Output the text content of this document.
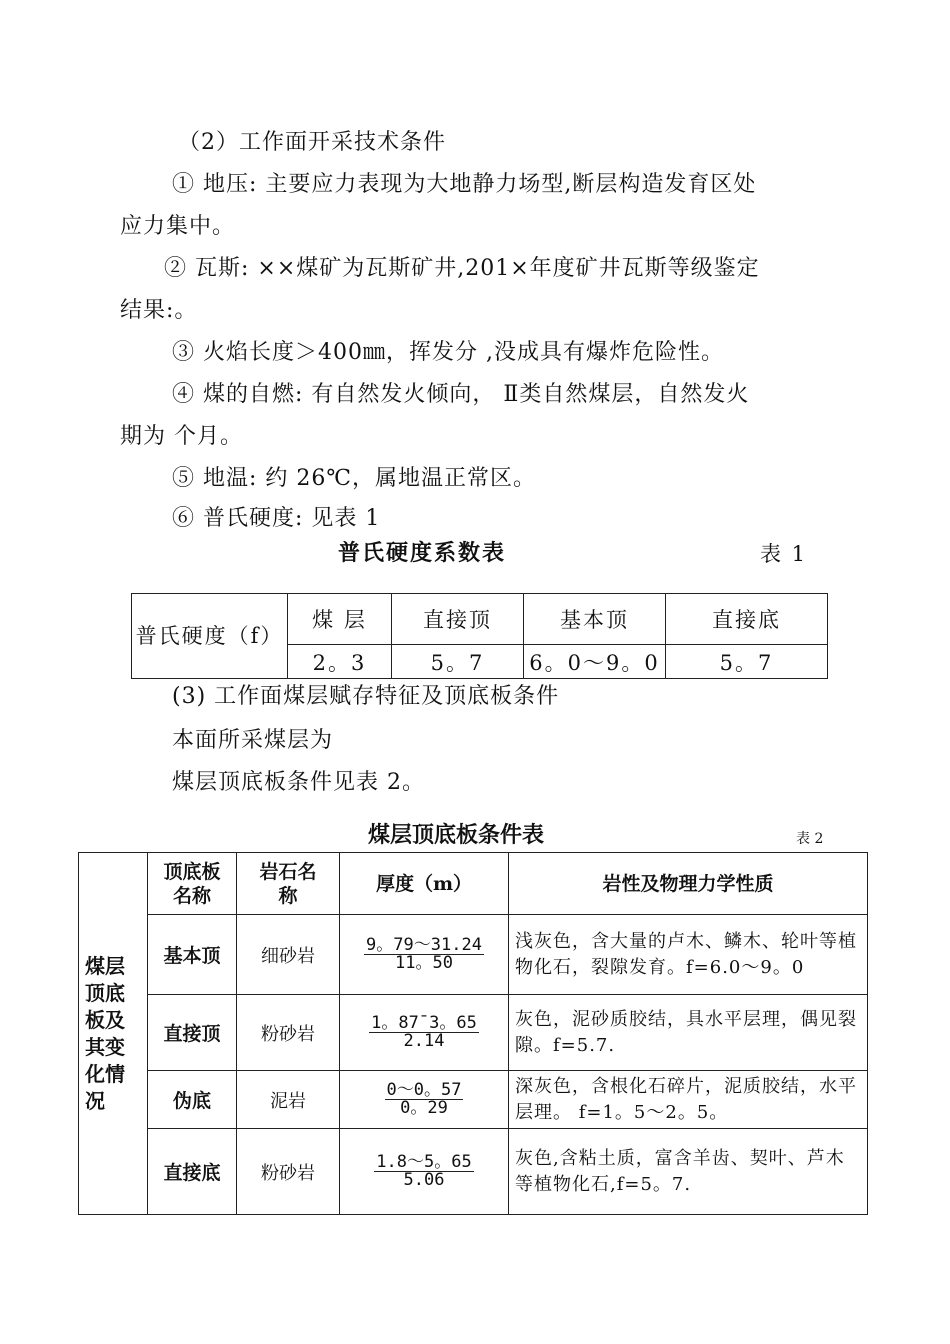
（2）工作面开采技术条件
① 地压: 主要应力表现为大地静力场型,断层构造发育区处
应力集中。
② 瓦斯: ××煤矿为瓦斯矿井,201×年度矿井瓦斯等级鉴定
结果:。
③ 火焰长度＞400㎜，挥发分 ,没成具有爆炸危险性。
④ 煤的自燃: 有自然发火倾向， Ⅱ类自然煤层，自然发火
期为 个月。
⑤ 地温: 约 26℃，属地温正常区。
⑥ 普氏硬度: 见表 1
普氏硬度系数表	表 1
普氏硬度（f）	煤 层	直接顶	基本顶	直接底
	2。3	5。7	6。0～9。0	5。7
(3) 工作面煤层赋存特征及顶底板条件
本面所采煤层为
煤层顶底板条件见表 2。
煤层顶底板条件表	表 2
煤层顶底板及其变化情况	顶底板名称	岩石名称	厚度（m）	岩性及物理力学性质
	基本顶	细砂岩	$\frac{9。79\sim 31.24}{11。50}$	浅灰色，含大量的卢木、鳞木、轮叶等植物化石，裂隙发育。f=6.0～9。0
	直接顶	粉砂岩	$\frac{\text{1。87ˉ3。65}}{2.14}$	灰色，泥砂质胶结，具水平层理，偶见裂隙。f=5.7.
	伪底	泥岩	$\frac{0\sim 0。57}{0。29}$	深灰色，含根化石碎片，泥质胶结，水平层理。 f=1。5～2。5。
	直接底	粉砂岩	$\frac{1.8\sim 5。65}{5.06}$	灰色,含粘土质，富含羊齿、契叶、芦木等植物化石,f=5。7.
